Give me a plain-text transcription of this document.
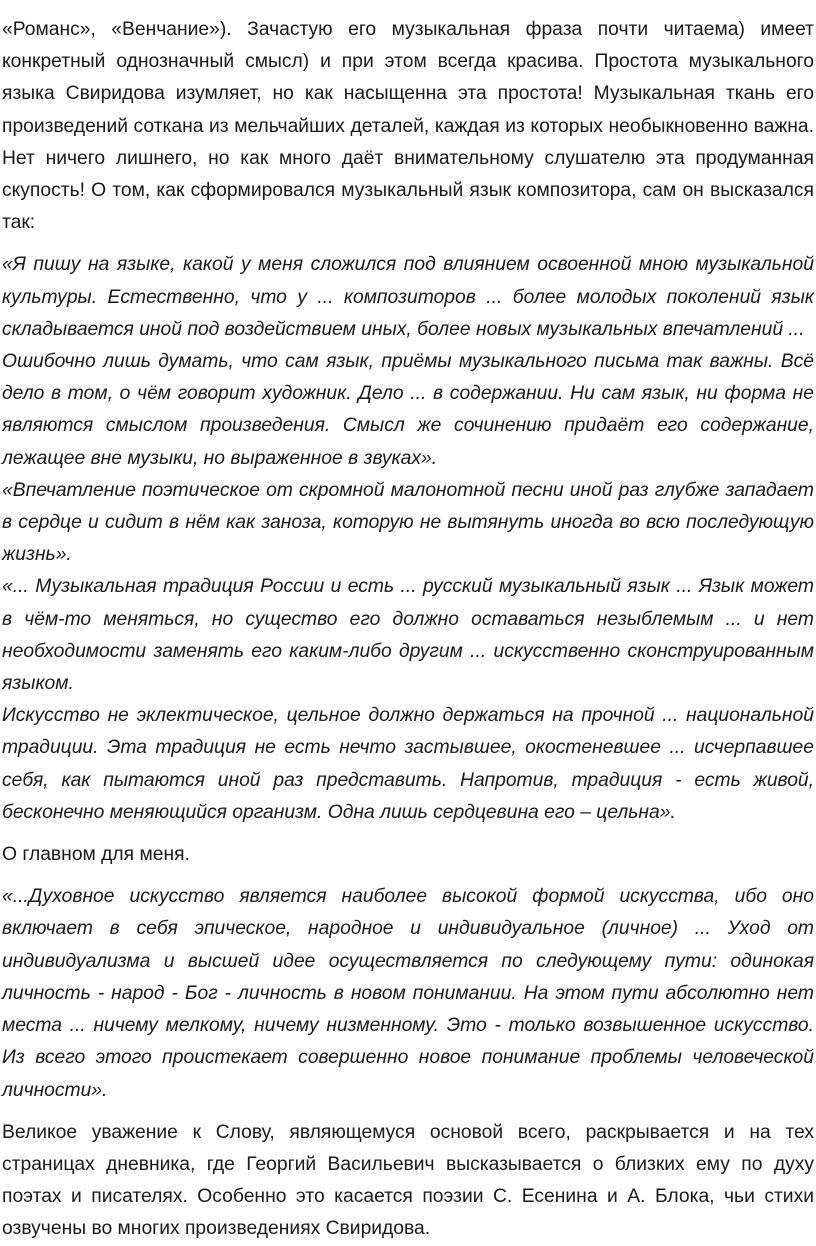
«Романс», «Венчание»). Зачастую его музыкальная фраза почти читаема) имеет конкретный однозначный смысл) и при этом всегда красива. Простота музыкального языка Свиридова изумляет, но как насыщенна эта простота! Музыкальная ткань его произведений соткана из мельчайших деталей, каждая из которых необыкновенно важна. Нет ничего лишнего, но как много даёт внимательному слушателю эта продуманная скупость! О том, как сформировался музыкальный язык композитора, сам он высказался так:

«Я пишу на языке, какой у меня сложился под влиянием освоенной мною музыкальной культуры. Естественно, что у ... композиторов ... более молодых поколений язык складывается иной под воздействием иных, более новых музыкальных впечатлений ...

Ошибочно лишь думать, что сам язык, приёмы музыкального письма так важны. Всё дело в том, о чём говорит художник. Дело ... в содержании. Ни сам язык, ни форма не являются смыслом произведения. Смысл же сочинению придаёт его содержание, лежащее вне музыки, но выраженное в звуках».

«Впечатление поэтическое от скромной малонотной песни иной раз глубже западает в сердце и сидит в нём как заноза, которую не вытянуть иногда во всю последующую жизнь».

«... Музыкальная традиция России и есть ... русский музыкальный язык ... Язык может в чём-то меняться, но существо его должно оставаться незыблемым ... и нет необходимости заменять его каким-либо другим ... искусственно сконструированным языком.

Искусство не эклектическое, цельное должно держаться на прочной ... национальной традиции. Эта традиция не есть нечто застывшее, окостеневшее ... исчерпавшее себя, как пытаются иной раз представить. Напротив, традиция - есть живой, бесконечно меняющийся организм. Одна лишь сердцевина его – цельна».

О главном для меня.

«...Духовное искусство является наиболее высокой формой искусства, ибо оно включает в себя эпическое, народное и индивидуальное (личное) ... Уход от индивидуализма и высшей идее осуществляется по следующему пути: одинокая личность - народ - Бог - личность в новом понимании. На этом пути абсолютно нет места ... ничему мелкому, ничему низменному. Это - только возвышенное искусство. Из всего этого проистекает совершенно новое понимание проблемы человеческой личности».

Великое уважение к Слову, являющемуся основой всего, раскрывается и на тех страницах дневника, где Георгий Васильевич высказывается о близких ему по духу поэтах и писателях. Особенно это касается поэзии С. Есенина и А. Блока, чьи стихи озвучены во многих произведениях Свиридова.
